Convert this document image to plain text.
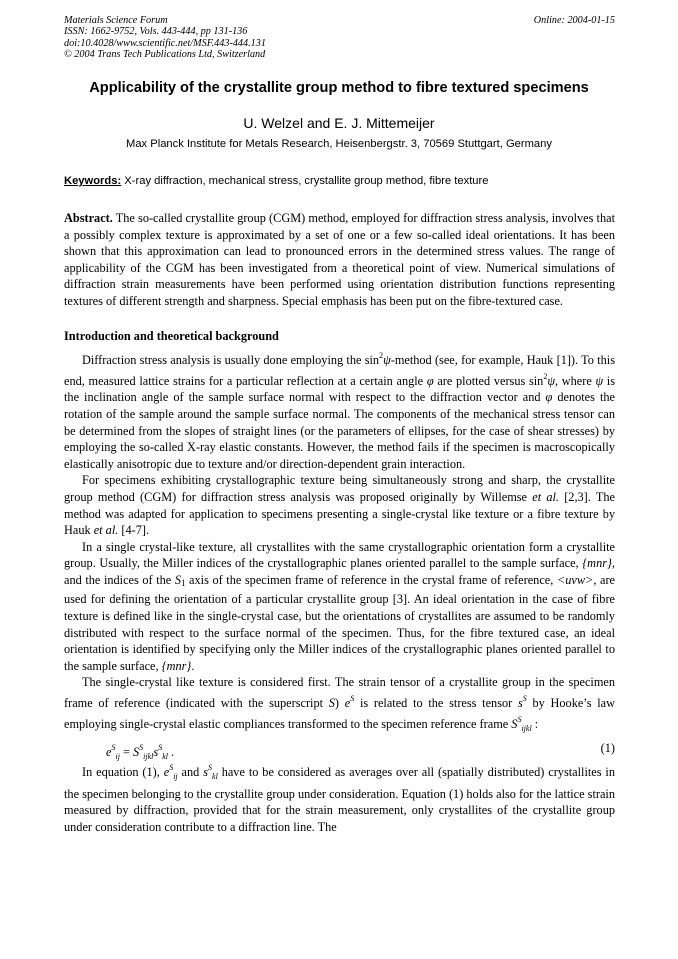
Materials Science Forum
ISSN: 1662-9752, Vols. 443-444, pp 131-136
doi:10.4028/www.scientific.net/MSF.443-444.131
© 2004 Trans Tech Publications Ltd, Switzerland
Online: 2004-01-15
Applicability of the crystallite group method to fibre textured specimens
U. Welzel and E. J. Mittemeijer
Max Planck Institute for Metals Research, Heisenbergstr. 3, 70569 Stuttgart, Germany
Keywords: X-ray diffraction, mechanical stress, crystallite group method, fibre texture

Abstract. The so-called crystallite group (CGM) method, employed for diffraction stress analysis, involves that a possibly complex texture is approximated by a set of one or a few so-called ideal orientations. It has been shown that this approximation can lead to pronounced errors in the determined stress values. The range of applicability of the CGM has been investigated from a theoretical point of view. Numerical simulations of diffraction strain measurements have been performed using orientation distribution functions representing textures of different strength and sharpness. Special emphasis has been put on the fibre-textured case.

Introduction and theoretical background

Diffraction stress analysis is usually done employing the $\sin^2\psi$-method (see, for example, Hauk [1]). To this end, measured lattice strains for a particular reflection at a certain angle φ are plotted versus $\sin^2\psi$, where ψ is the inclination angle of the sample surface normal with respect to the diffraction vector and φ denotes the rotation of the sample around the sample surface normal. The components of the mechanical stress tensor can be determined from the slopes of straight lines (or the parameters of ellipses, for the case of shear stresses) by employing the so-called X-ray elastic constants. However, the method fails if the specimen is macroscopically elastically anisotropic due to texture and/or direction-dependent grain interaction.

For specimens exhibiting crystallographic texture being simultaneously strong and sharp, the crystallite group method (CGM) for diffraction stress analysis was proposed originally by Willemse et al. [2,3]. The method was adapted for application to specimens presenting a single-crystal like texture or a fibre texture by Hauk et al. [4-7].

In a single crystal-like texture, all crystallites with the same crystallographic orientation form a crystallite group. Usually, the Miller indices of the crystallographic planes oriented parallel to the sample surface, {mnr}, and the indices of the $S_1$ axis of the specimen frame of reference in the crystal frame of reference, <uvw>, are used for defining the orientation of a particular crystallite group [3]. An ideal orientation in the case of fibre texture is defined like in the single-crystal case, but the orientations of crystallites are assumed to be randomly distributed with respect to the surface normal of the specimen. Thus, for the fibre textured case, an ideal orientation is identified by specifying only the Miller indices of the crystallographic planes oriented parallel to the sample surface, {mnr}.

The single-crystal like texture is considered first. The strain tensor of a crystallite group in the specimen frame of reference (indicated with the superscript S) $e^S$ is related to the stress tensor $s^S$ by Hooke’s law employing single-crystal elastic compliances transformed to the specimen reference frame $S^S_{ijkl}$ :

$e^S_{ij} = S^S_{ijkl}s^S_{kl}$ .	(1)

In equation (1), $e^S_{ij}$ and $s^S_{kl}$ have to be considered as averages over all (spatially distributed) crystallites in the specimen belonging to the crystallite group under consideration. Equation (1) holds also for the lattice strain measured by diffraction, provided that for the strain measurement, only crystallites of the crystallite group under consideration contribute to a diffraction line. The
